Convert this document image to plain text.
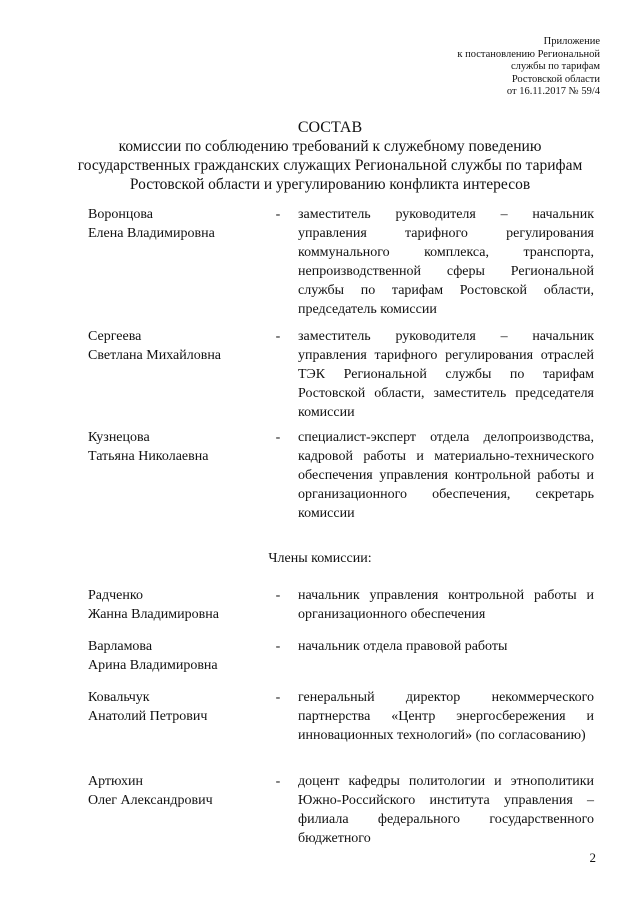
Приложение
к постановлению Региональной
службы по тарифам
Ростовской области
от 16.11.2017 № 59/4
СОСТАВ
комиссии по соблюдению требований к служебному поведению
государственных гражданских служащих Региональной службы по тарифам
Ростовской области и урегулированию конфликта интересов
Воронцова
Елена Владимировна
- заместитель руководителя – начальник управления тарифного регулирования коммунального комплекса, транспорта, непроизводственной сферы Региональной службы по тарифам Ростовской области, председатель комиссии
Сергеева
Светлана Михайловна
- заместитель руководителя – начальник управления тарифного регулирования отраслей ТЭК Региональной службы по тарифам Ростовской области, заместитель председателя комиссии
Кузнецова
Татьяна Николаевна
- специалист-эксперт отдела делопроизводства, кадровой работы и материально-технического обеспечения управления контрольной работы и организационного обеспечения, секретарь комиссии
Члены комиссии:
Радченко
Жанна Владимировна
- начальник управления контрольной работы и организационного обеспечения
Варламова
Арина Владимировна
- начальник отдела правовой работы
Ковальчук
Анатолий Петрович
- генеральный директор некоммерческого партнерства «Центр энергосбережения и инновационных технологий» (по согласованию)
Артюхин
Олег Александрович
- доцент кафедры политологии и этнополитики Южно-Российского института управления – филиала федерального государственного бюджетного
2
